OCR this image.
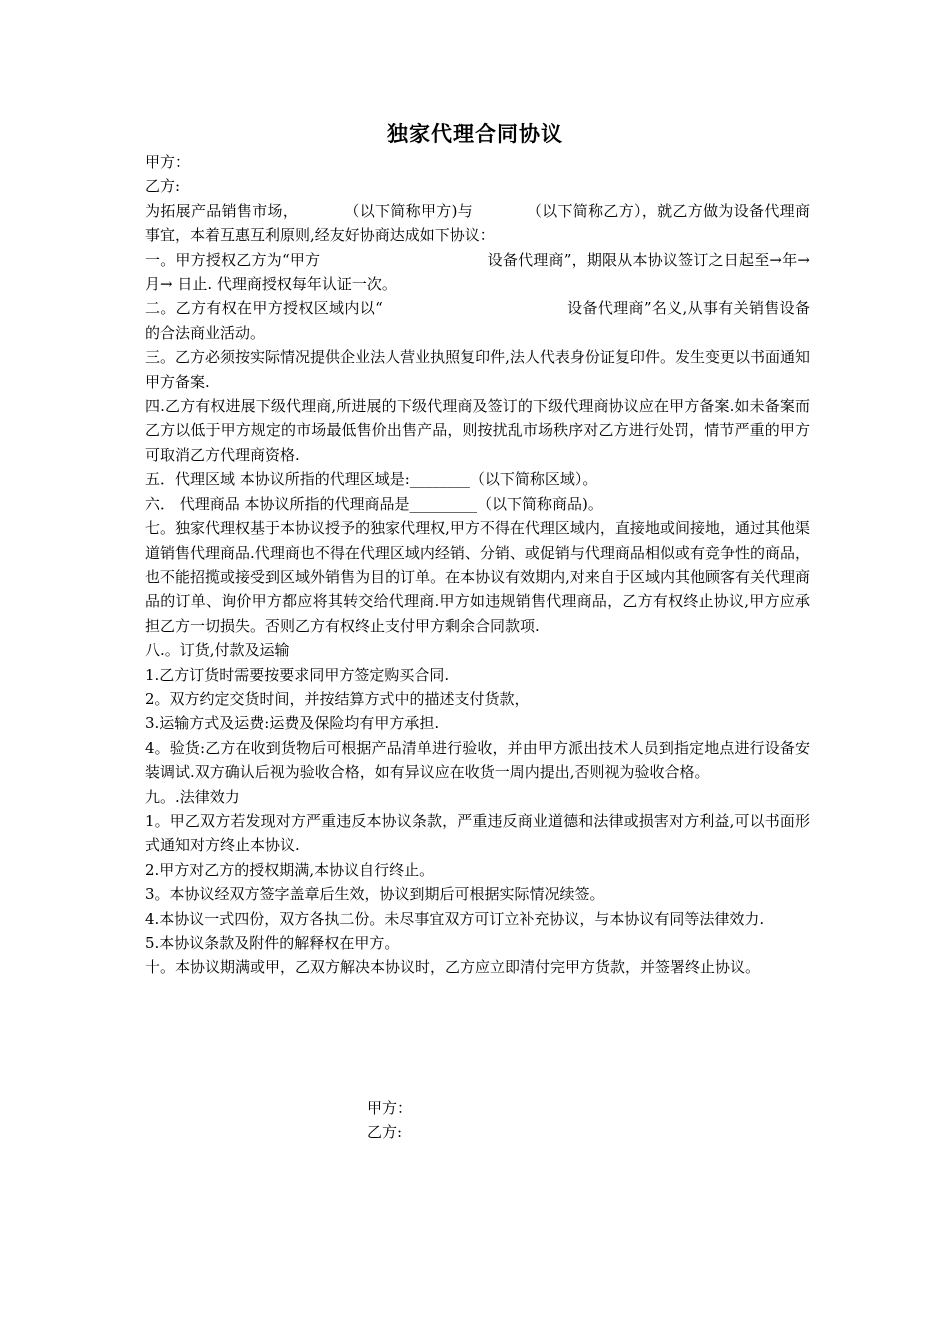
独家代理合同协议

甲方：

乙方:

为拓展产品销售市场，　　　　（以下简称甲方)与　　　　（以下简称乙方），就乙方做为设备代理商事宜，本着互惠互利原则,经友好协商达成如下协议：

一。甲方授权乙方为“甲方　　　　　　　　　　　设备代理商”，期限从本协议签订之日起至→年→ 月→ 日止. 代理商授权每年认证一次。

二。乙方有权在甲方授权区域内以“　　　　　　　　　　　　设备代理商”名义,从事有关销售设备的合法商业活动。

三。乙方必须按实际情况提供企业法人营业执照复印件,法人代表身份证复印件。发生变更以书面通知甲方备案.

四.乙方有权进展下级代理商,所进展的下级代理商及签订的下级代理商协议应在甲方备案.如未备案而乙方以低于甲方规定的市场最低售价出售产品，则按扰乱市场秩序对乙方进行处罚，情节严重的甲方可取消乙方代理商资格.

五．代理区域 本协议所指的代理区域是:________（以下简称区域）。

六． 代理商品 本协议所指的代理商品是_________（以下简称商品)。

七。独家代理权基于本协议授予的独家代理权,甲方不得在代理区域内，直接地或间接地，通过其他渠道销售代理商品.代理商也不得在代理区域内经销、分销、或促销与代理商品相似或有竞争性的商品，也不能招揽或接受到区域外销售为目的订单。在本协议有效期内,对来自于区域内其他顾客有关代理商品的订单、询价甲方都应将其转交给代理商.甲方如违规销售代理商品，乙方有权终止协议,甲方应承担乙方一切损失。否则乙方有权终止支付甲方剩余合同款项.

八.。订货,付款及运输

1.乙方订货时需要按要求同甲方签定购买合同.

2。双方约定交货时间，并按结算方式中的描述支付货款，

3.运输方式及运费:运费及保险均有甲方承担.

4。验货:乙方在收到货物后可根据产品清单进行验收，并由甲方派出技术人员到指定地点进行设备安装调试.双方确认后视为验收合格，如有异议应在收货一周内提出,否则视为验收合格。

九。.法律效力

1。甲乙双方若发现对方严重违反本协议条款，严重违反商业道德和法律或损害对方利益,可以书面形式通知对方终止本协议.

2.甲方对乙方的授权期满,本协议自行终止。

3。本协议经双方签字盖章后生效，协议到期后可根据实际情况续签。

4.本协议一式四份，双方各执二份。未尽事宜双方可订立补充协议，与本协议有同等法律效力.

5.本协议条款及附件的解释权在甲方。

十。本协议期满或甲，乙双方解决本协议时，乙方应立即清付完甲方货款，并签署终止协议。

甲方：

乙方:
